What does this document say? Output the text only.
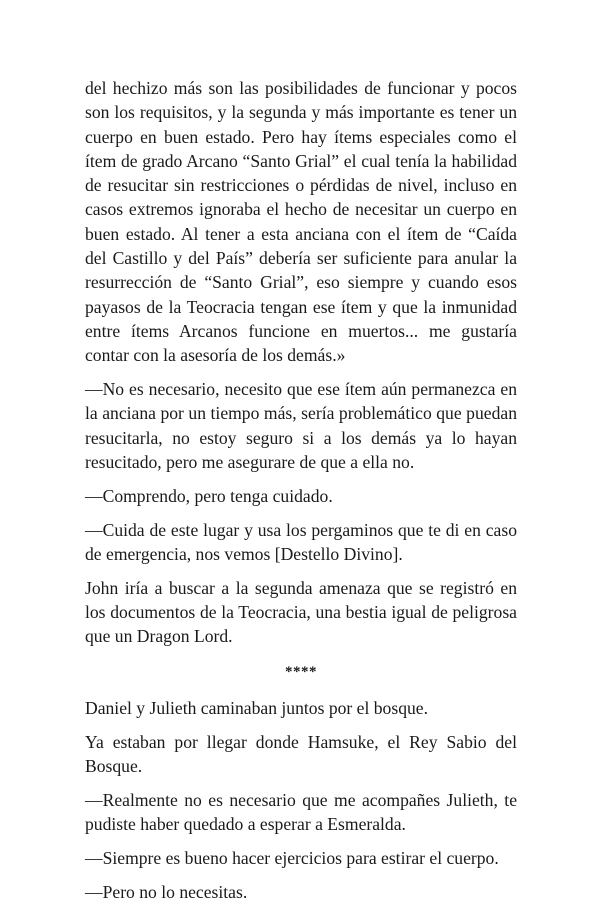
del hechizo más son las posibilidades de funcionar y pocos son los requisitos, y la segunda y más importante es tener un cuerpo en buen estado. Pero hay ítems especiales como el ítem de grado Arcano “Santo Grial” el cual tenía la habilidad de resucitar sin restricciones o pérdidas de nivel, incluso en casos extremos ignoraba el hecho de necesitar un cuerpo en buen estado. Al tener a esta anciana con el ítem de “Caída del Castillo y del País” debería ser suficiente para anular la resurrección de “Santo Grial”, eso siempre y cuando esos payasos de la Teocracia tengan ese ítem y que la inmunidad entre ítems Arcanos funcione en muertos... me gustaría contar con la asesoría de los demás.»

—No es necesario, necesito que ese ítem aún permanezca en la anciana por un tiempo más, sería problemático que puedan resucitarla, no estoy seguro si a los demás ya lo hayan resucitado, pero me asegurare de que a ella no.

—Comprendo, pero tenga cuidado.

—Cuida de este lugar y usa los pergaminos que te di en caso de emergencia, nos vemos [Destello Divino].

John iría a buscar a la segunda amenaza que se registró en los documentos de la Teocracia, una bestia igual de peligrosa que un Dragon Lord.

****

Daniel y Julieth caminaban juntos por el bosque.

Ya estaban por llegar donde Hamsuke, el Rey Sabio del Bosque.

—Realmente no es necesario que me acompañes Julieth, te pudiste haber quedado a esperar a Esmeralda.

—Siempre es bueno hacer ejercicios para estirar el cuerpo.

—Pero no lo necesitas.
